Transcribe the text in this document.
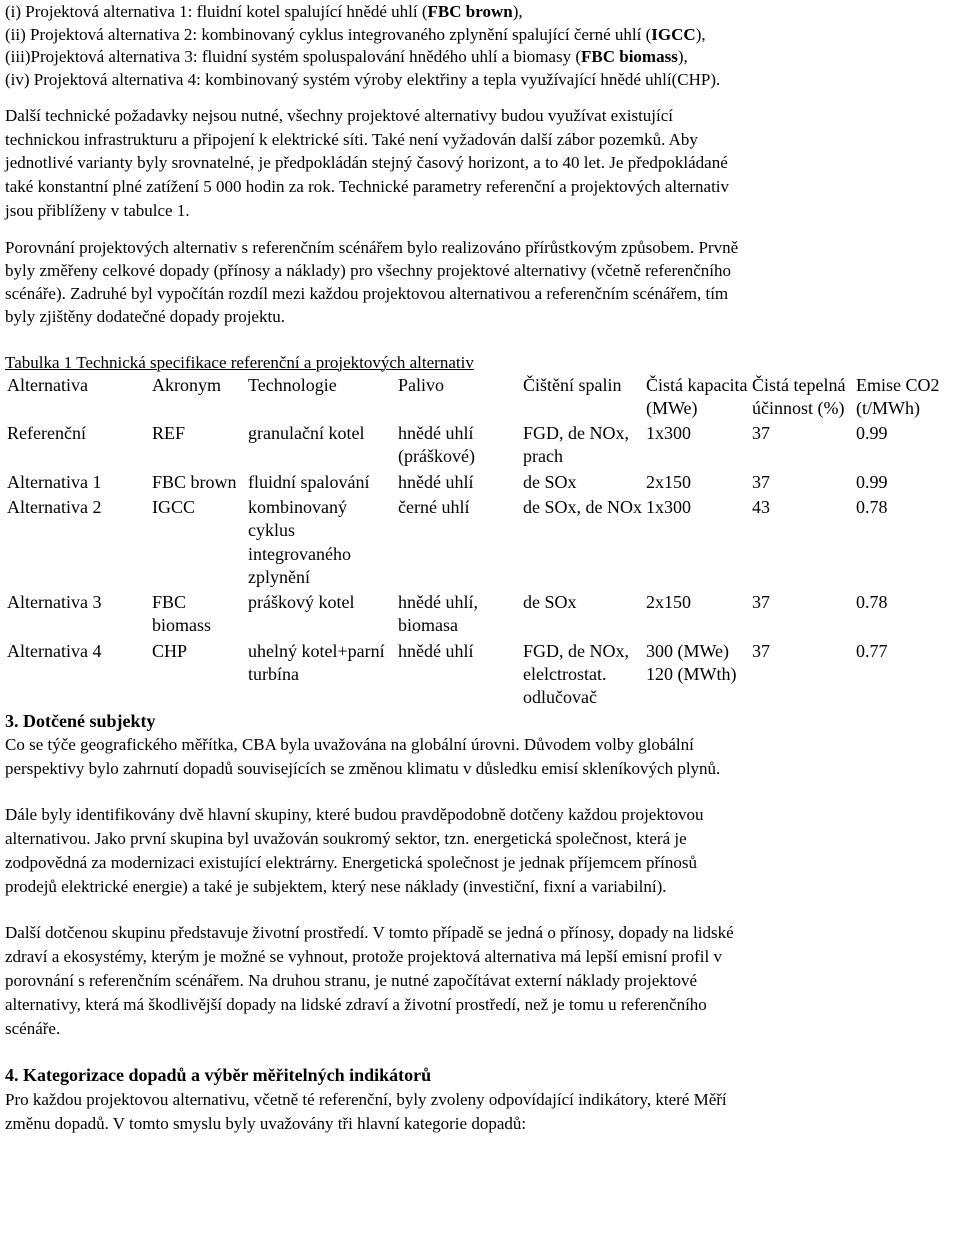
(i) Projektová alternativa 1: fluidní kotel spalující hnědé uhlí (FBC brown),
(ii) Projektová alternativa 2: kombinovaný cyklus integrovaného zplynění spalující černé uhlí (IGCC),
(iii)Projektová alternativa 3: fluidní systém spoluspalování hnědého uhlí a biomasy (FBC biomass),
(iv) Projektová alternativa 4: kombinovaný systém výroby elektřiny a tepla využívající hnědé uhlí(CHP).
Další technické požadavky nejsou nutné, všechny projektové alternativy budou využívat existující
technickou infrastrukturu a připojení k elektrické síti. Také není vyžadován další zábor pozemků. Aby
jednotlivé varianty byly srovnatelné, je předpokládán stejný časový horizont, a to 40 let. Je předpokládané
také konstantní plné zatížení 5 000 hodin za rok. Technické parametry referenční a projektových alternativ
jsou přiblíženy v tabulce 1.
Porovnání projektových alternativ s referenčním scénářem bylo realizováno přírůstkovým způsobem. Prvně
byly změřeny celkové dopady (přínosy a náklady) pro všechny projektové alternativy (včetně referenčního
scénáře). Zadruhé byl vypočítán rozdíl mezi každou projektovou alternativou a referenčním scénářem, tím
byly zjištěny dodatečné dopady projektu.
Tabulka 1 Technická specifikace referenční a projektových alternativ
Alternativa	Akronym	Technologie	Palivo	Čištění spalin	Čistá kapacita (MWe)	Čistá tepelná účinnost (%)	Emise CO2 (t/MWh)
Referenční	REF	granulační kotel	hnědé uhlí (práškové)	FGD, de NOx, prach	1x300	37	0.99
Alternativa 1	FBC brown	fluidní spalování	hnědé uhlí	de SOx	2x150	37	0.99
Alternativa 2	IGCC	kombinovaný cyklus integrovaného zplynění	černé uhlí	de SOx, de NOx	1x300	43	0.78
Alternativa 3	FBC biomass	práškový kotel	hnědé uhlí, biomasa	de SOx	2x150	37	0.78
Alternativa 4	CHP	uhelný kotel+parní turbína	hnědé uhlí	FGD, de NOx, elelctrostat. odlučovač	300 (MWe) 120 (MWth)	37	0.77
3. Dotčené subjekty
Co se týče geografického měřítka, CBA byla uvažována na globální úrovni. Důvodem volby globální
perspektivy bylo zahrnutí dopadů souvisejících se změnou klimatu v důsledku emisí skleníkových plynů.
Dále byly identifikovány dvě hlavní skupiny, které budou pravděpodobně dotčeny každou projektovou
alternativou. Jako první skupina byl uvažován soukromý sektor, tzn. energetická společnost, která je
zodpovědná za modernizaci existující elektrárny. Energetická společnost je jednak příjemcem přínosů
prodejů elektrické energie) a také je subjektem, který nese náklady (investiční, fixní a variabilní).
Další dotčenou skupinu představuje životní prostředí. V tomto případě se jedná o přínosy, dopady na lidské
zdraví a ekosystémy, kterým je možné se vyhnout, protože projektová alternativa má lepší emisní profil v
porovnání s referenčním scénářem. Na druhou stranu, je nutné započítávat externí náklady projektové
alternativy, která má škodlivější dopady na lidské zdraví a životní prostředí, než je tomu u referenčního
scénáře.
4. Kategorizace dopadů a výběr měřitelných indikátorů
Pro každou projektovou alternativu, včetně té referenční, byly zvoleny odpovídající indikátory, které Měří
změnu dopadů. V tomto smyslu byly uvažovány tři hlavní kategorie dopadů:
